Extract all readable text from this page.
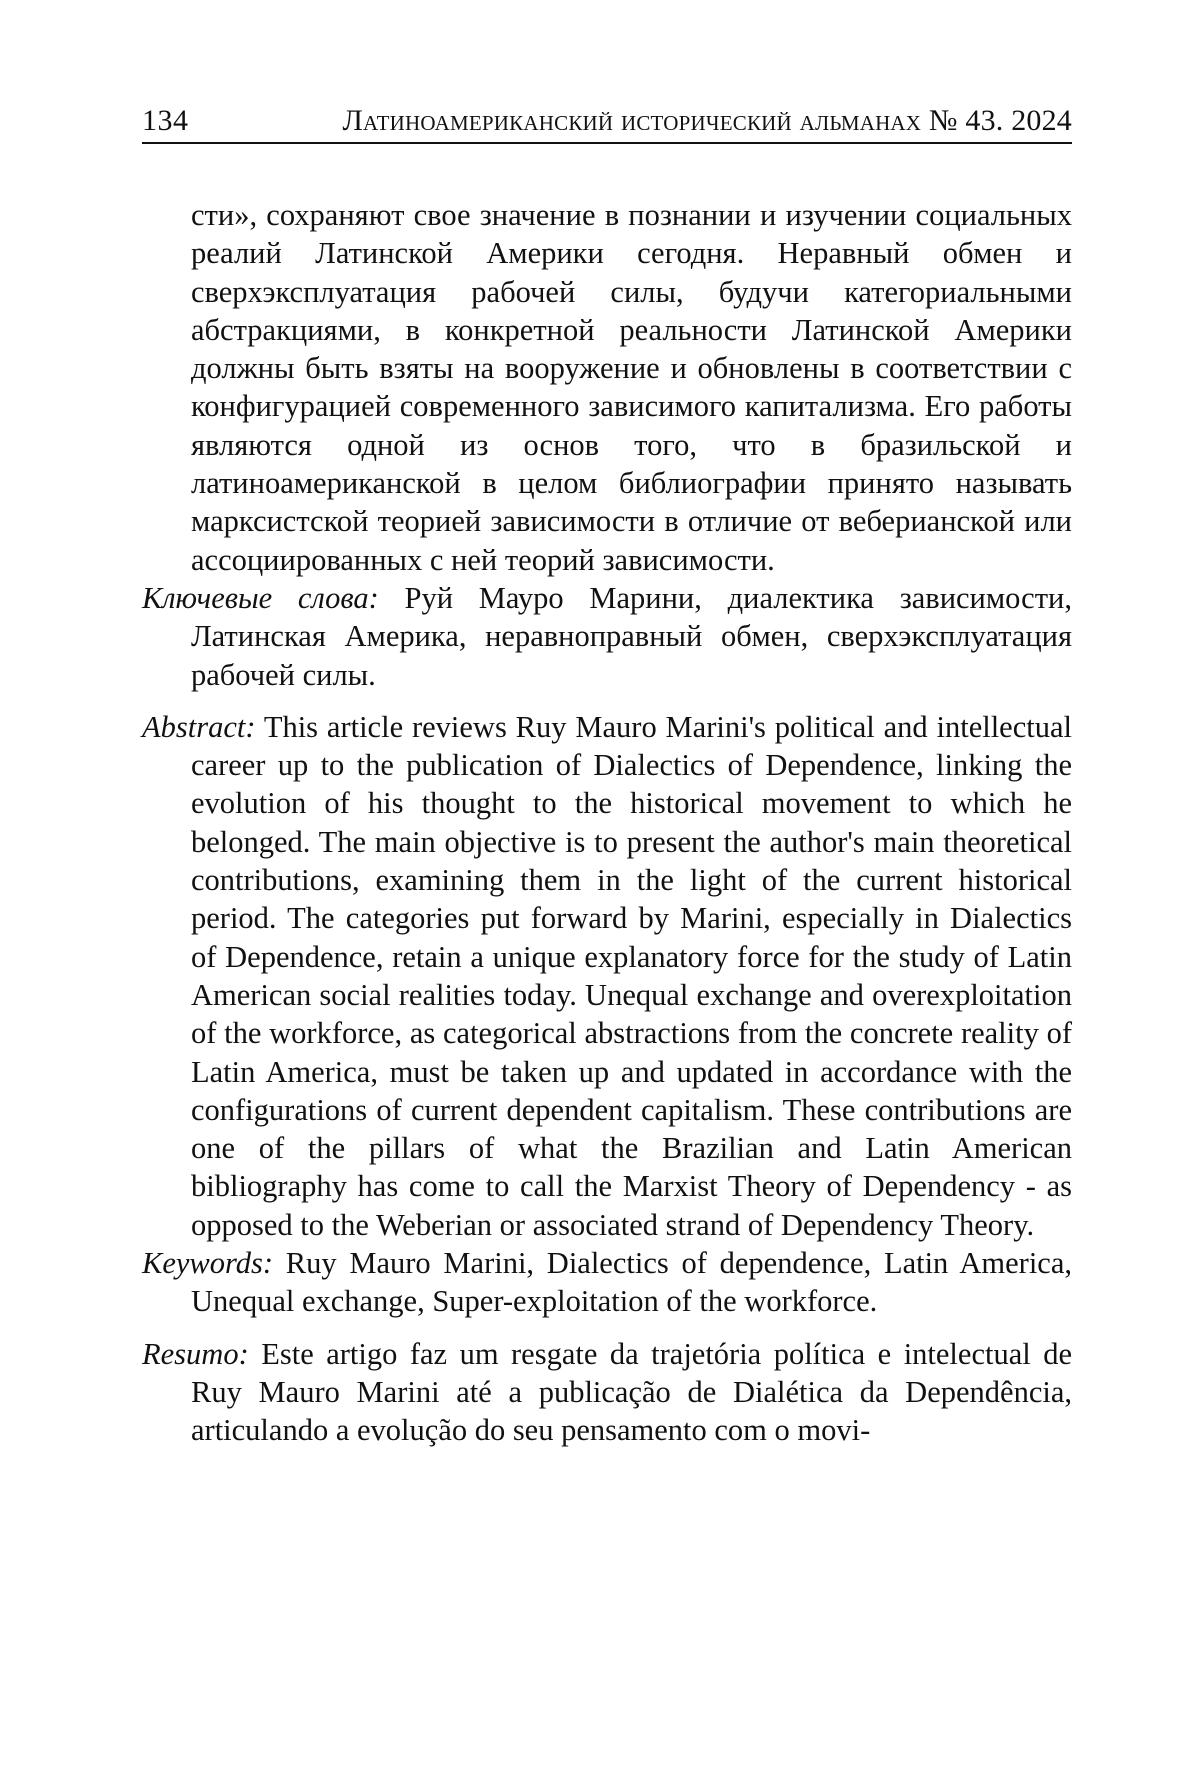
134	Латиноамериканский исторический альманах № 43. 2024

сти», сохраняют свое значение в познании и изучении социальных реалий Латинской Америки сегодня. Неравный обмен и сверхэксплуатация рабочей силы, будучи категориальными абстракциями, в конкретной реальности Латинской Америки должны быть взяты на вооружение и обновлены в соответствии с конфигурацией современного зависимого капитализма. Его работы являются одной из основ того, что в бразильской и латиноамериканской в целом библиографии принято называть марксистской теорией зависимости в отличие от веберианской или ассоциированных с ней теорий зависимости.

Ключевые слова: Руй Мауро Марини, диалектика зависимости, Латинская Америка, неравноправный обмен, сверхэксплуатация рабочей силы.

Abstract: This article reviews Ruy Mauro Marini's political and intellectual career up to the publication of Dialectics of Dependence, linking the evolution of his thought to the historical movement to which he belonged. The main objective is to present the author's main theoretical contributions, examining them in the light of the current historical period. The categories put forward by Marini, especially in Dialectics of Dependence, retain a unique explanatory force for the study of Latin American social realities today. Unequal exchange and overexploitation of the workforce, as categorical abstractions from the concrete reality of Latin America, must be taken up and updated in accordance with the configurations of current dependent capitalism. These contributions are one of the pillars of what the Brazilian and Latin American bibliography has come to call the Marxist Theory of Dependency - as opposed to the Weberian or associated strand of Dependency Theory.

Keywords: Ruy Mauro Marini, Dialectics of dependence, Latin America, Unequal exchange, Super-exploitation of the workforce.

Resumo: Este artigo faz um resgate da trajetória política e intelectual de Ruy Mauro Marini até a publicação de Dialética da Dependência, articulando a evolução do seu pensamento com o movi-
